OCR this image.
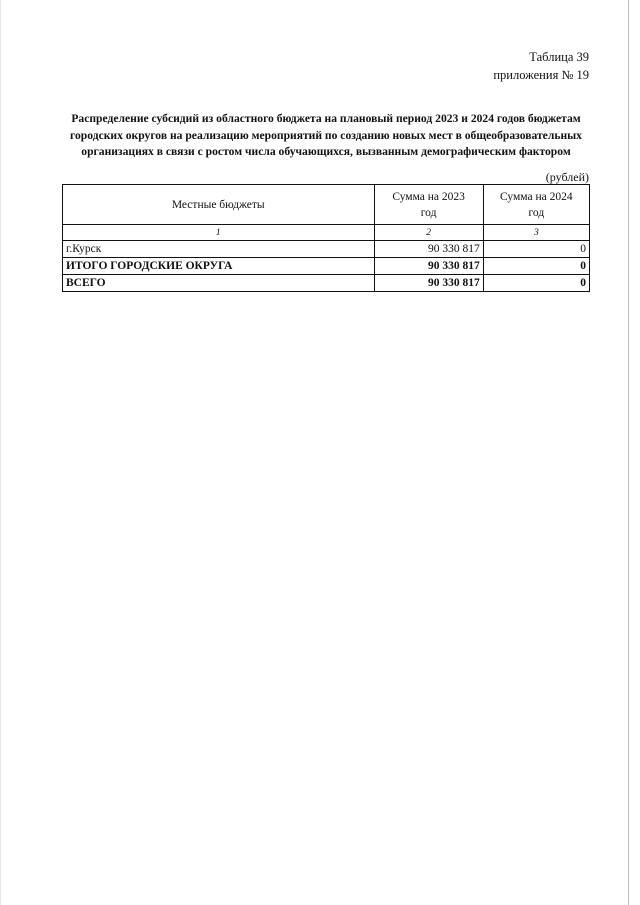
Таблица 39
приложения № 19
Распределение субсидий из областного бюджета на плановый период 2023 и 2024 годов бюджетам городских округов на реализацию мероприятий по созданию новых мест в общеобразовательных организациях в связи с ростом числа обучающихся, вызванным демографическим фактором
(рублей)
Местные бюджеты	Сумма на 2023 год	Сумма на 2024 год
1	2	3
г.Курск	90 330 817	0
ИТОГО ГОРОДСКИЕ ОКРУГА	90 330 817	0
ВСЕГО	90 330 817	0
